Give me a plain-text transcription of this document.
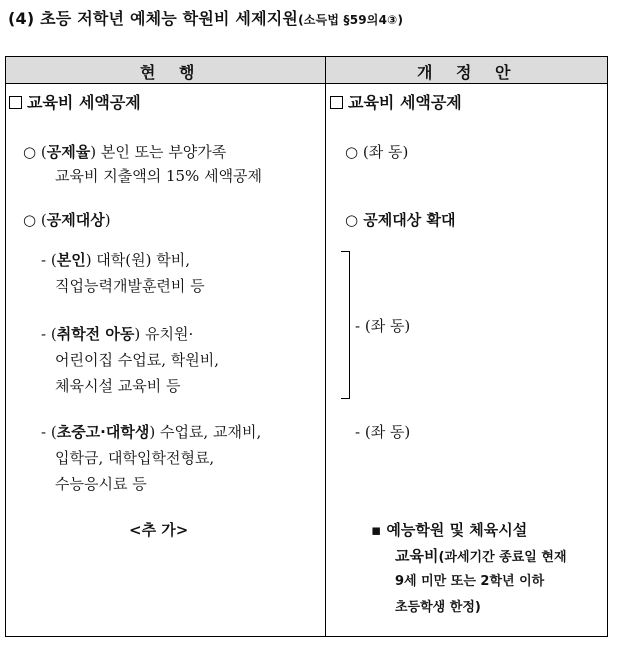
(4) 초등 저학년 예체능 학원비 세제지원(소득법 §59의4③)
현 행	개 정 안
교육비 세액공제
○ (공제율) 본인 또는 부양가족
교육비 지출액의 15% 세액공제
○ (공제대상)
- (본인) 대학(원) 학비,
직업능력개발훈련비 등
- (취학전 아동) 유치원·
어린이집 수업료, 학원비,
체육시설 교육비 등
- (초중고·대학생) 수업료, 교재비,
입학금, 대학입학전형료,
수능응시료 등
<추 가>
교육비 세액공제
○ (좌 동)
○ 공제대상 확대
- (좌 동)
- (좌 동)
▪ 예능학원 및 체육시설
교육비(과세기간 종료일 현재
9세 미만 또는 2학년 이하
초등학생 한정)
